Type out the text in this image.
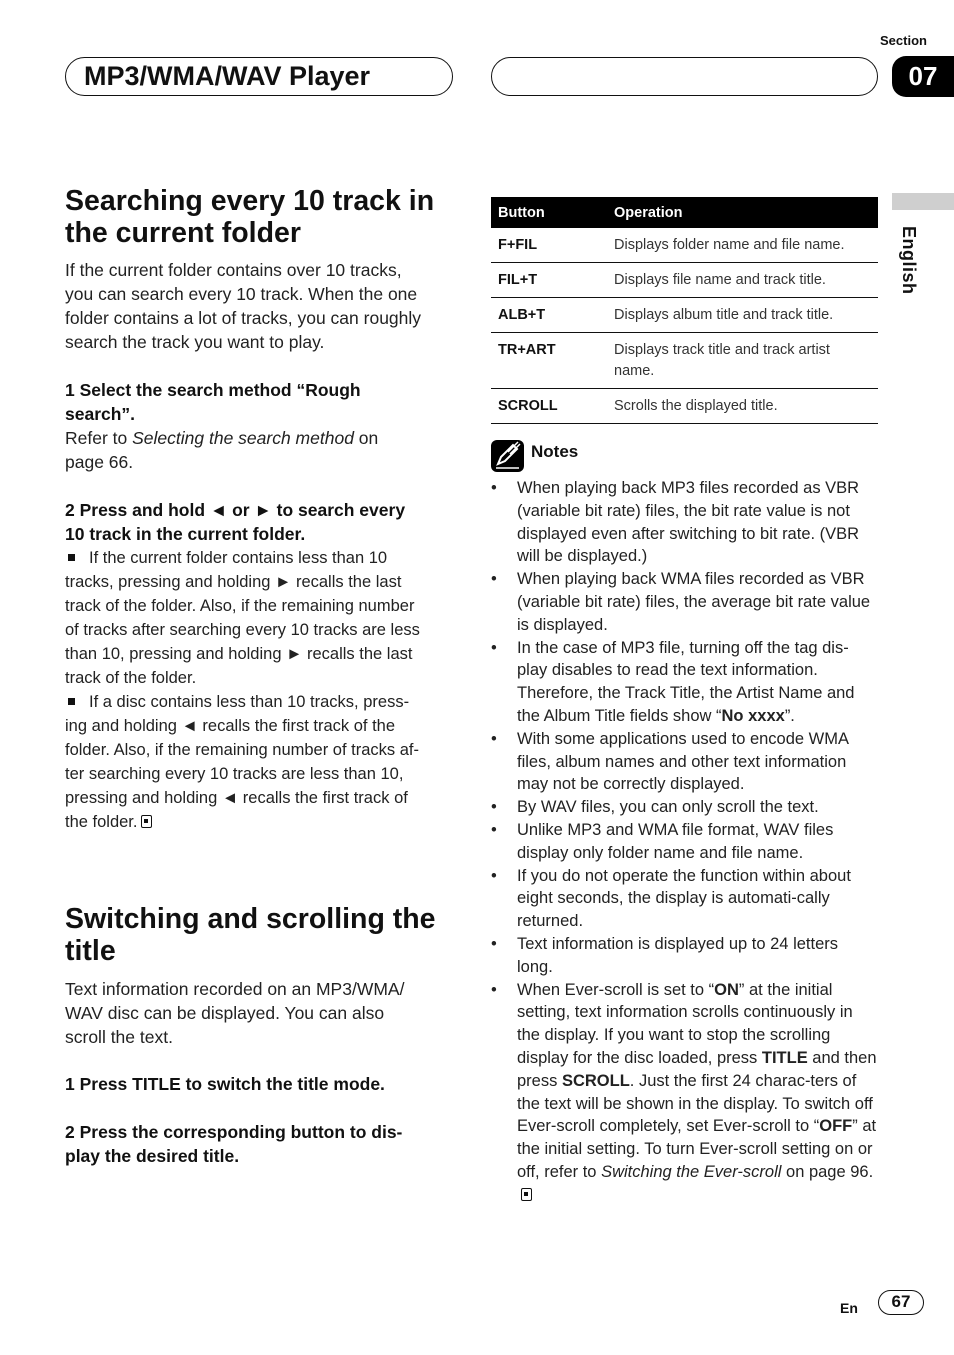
Section
MP3/WMA/WAV Player	07
English
Searching every 10 track in
the current folder
If the current folder contains over 10 tracks,
you can search every 10 track. When the one
folder contains a lot of tracks, you can roughly
search the track you want to play.
1 Select the search method “Rough
search”.
Refer to Selecting the search method on
page 66.
2 Press and hold ◄ or ► to search every
10 track in the current folder.
If the current folder contains less than 10
tracks, pressing and holding ► recalls the last
track of the folder. Also, if the remaining number
of tracks after searching every 10 tracks are less
than 10, pressing and holding ► recalls the last
track of the folder.
If a disc contains less than 10 tracks, press-
ing and holding ◄ recalls the first track of the
folder. Also, if the remaining number of tracks af-
ter searching every 10 tracks are less than 10,
pressing and holding ◄ recalls the first track of
the folder.
Switching and scrolling the
title
Text information recorded on an MP3/WMA/
WAV disc can be displayed. You can also
scroll the text.
1 Press TITLE to switch the title mode.
2 Press the corresponding button to dis-
play the desired title.
Button	Operation
F+FIL	Displays folder name and file name.
FIL+T	Displays file name and track title.
ALB+T	Displays album title and track title.
TR+ART	Displays track title and track artist name.
SCROLL	Scrolls the displayed title.
Notes
• When playing back MP3 files recorded as VBR (variable bit rate) files, the bit rate value is not displayed even after switching to bit rate. (VBR will be displayed.)
• When playing back WMA files recorded as VBR (variable bit rate) files, the average bit rate value is displayed.
• In the case of MP3 file, turning off the tag dis-play disables to read the text information. Therefore, the Track Title, the Artist Name and the Album Title fields show “No xxxx”.
• With some applications used to encode WMA files, album names and other text information may not be correctly displayed.
• By WAV files, you can only scroll the text.
• Unlike MP3 and WMA file format, WAV files display only folder name and file name.
• If you do not operate the function within about eight seconds, the display is automati-cally returned.
• Text information is displayed up to 24 letters long.
• When Ever-scroll is set to “ON” at the initial setting, text information scrolls continuously in the display. If you want to stop the scrolling display for the disc loaded, press TITLE and then press SCROLL. Just the first 24 charac-ters of the text will be shown in the display. To switch off Ever-scroll completely, set Ever-scroll to “OFF” at the initial setting. To turn Ever-scroll setting on or off, refer to Switching the Ever-scroll on page 96.
En	67
